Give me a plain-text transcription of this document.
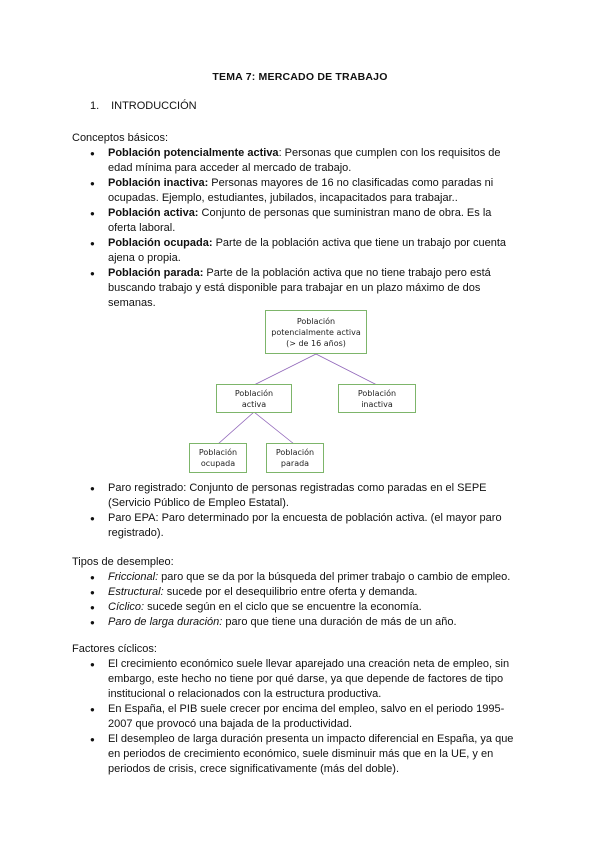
TEMA 7: MERCADO DE TRABAJO
1. INTRODUCCIÓN
Conceptos básicos:
● Población potencialmente activa: Personas que cumplen con los requisitos de edad mínima para acceder al mercado de trabajo.
● Población inactiva: Personas mayores de 16 no clasificadas como paradas ni ocupadas. Ejemplo, estudiantes, jubilados, incapacitados para trabajar..
● Población activa: Conjunto de personas que suministran mano de obra. Es la oferta laboral.
● Población ocupada: Parte de la población activa que tiene un trabajo por cuenta ajena o propia.
● Población parada: Parte de la población activa que no tiene trabajo pero está buscando trabajo y está disponible para trabajar en un plazo máximo de dos semanas.
Población potencialmente activa (> de 16 años)
Población activa
Población inactiva
Población ocupada
Población parada
● Paro registrado: Conjunto de personas registradas como paradas en el SEPE (Servicio Público de Empleo Estatal).
● Paro EPA: Paro determinado por la encuesta de población activa. (el mayor paro registrado).
Tipos de desempleo:
● Friccional: paro que se da por la búsqueda del primer trabajo o cambio de empleo.
● Estructural: sucede por el desequilibrio entre oferta y demanda.
● Cíclico: sucede según en el ciclo que se encuentre la economía.
● Paro de larga duración: paro que tiene una duración de más de un año.
Factores cíclicos:
● El crecimiento económico suele llevar aparejado una creación neta de empleo, sin embargo, este hecho no tiene por qué darse, ya que depende de factores de tipo institucional o relacionados con la estructura productiva.
● En España, el PIB suele crecer por encima del empleo, salvo en el periodo 1995-2007 que provocó una bajada de la productividad.
● El desempleo de larga duración presenta un impacto diferencial en España, ya que en periodos de crecimiento económico, suele disminuir más que en la UE, y en periodos de crisis, crece significativamente (más del doble).
